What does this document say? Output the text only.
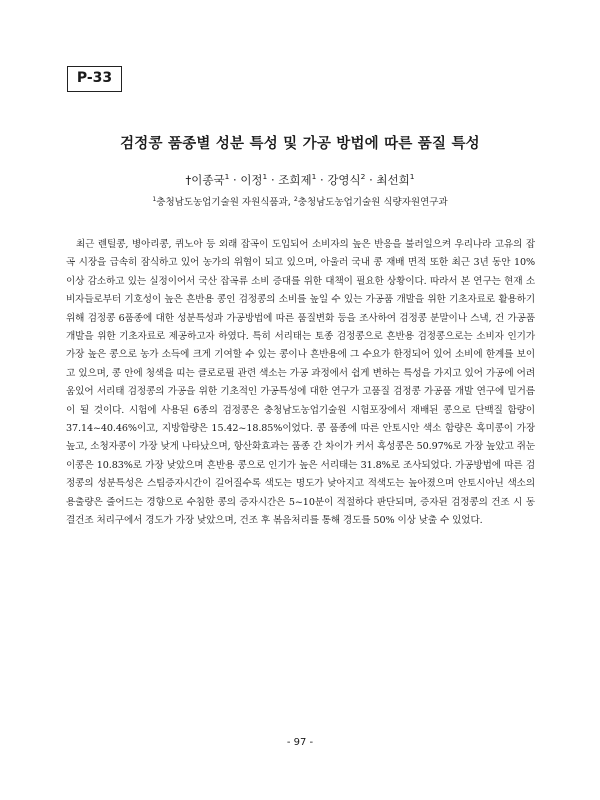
P-33
검정콩 품종별 성분 특성 및 가공 방법에 따른 품질 특성
†이종국$^1$ · 이정$^1$ · 조희제$^1$ · 강영식$^2$ · 최선희$^1$
$^1$충청남도농업기술원 자원식품과, $^2$충청남도농업기술원 식량자원연구과
최근 렌틸콩, 병아리콩, 퀴노아 등 외래 잡곡이 도입되어 소비자의 높은 반응을 불러일으켜 우리나라 고유의 잡곡 시장을 급속히 잠식하고 있어 농가의 위협이 되고 있으며, 아울러 국내 콩 재배 면적 또한 최근 3년 동안 10% 이상 감소하고 있는 실정이어서 국산 잡곡류 소비 증대를 위한 대책이 필요한 상황이다. 따라서 본 연구는 현재 소비자들로부터 기호성이 높은 흔반용 콩인 검정콩의 소비를 높일 수 있는 가공품 개발을 위한 기초자료로 활용하기 위해 검정콩 6품종에 대한 성분특성과 가공방법에 따른 품질변화 등을 조사하여 검정콩 분말이나 스낵, 건 가공품 개발을 위한 기초자료로 제공하고자 하였다. 특히 서리태는 토종 검정콩으로 흔반용 검정콩으로는 소비자 인기가 가장 높은 콩으로 농가 소득에 크게 기여할 수 있는 콩이나 흔반용에 그 수요가 한정되어 있어 소비에 한계를 보이고 있으며, 콩 안에 청색을 띠는 클로로필 관련 색소는 가공 과정에서 쉽게 변하는 특성을 가지고 있어 가공에 어려움있어 서리태 검정콩의 가공을 위한 기초적인 가공특성에 대한 연구가 고품질 검정콩 가공품 개발 연구에 밑거름이 될 것이다. 시험에 사용된 6종의 검정콩은 충청남도농업기술원 시험포장에서 재배된 콩으로 단백질 함량이 37.14~40.46%이고, 지방함량은 15.42~18.85%이었다. 콩 품종에 따른 안토시안 색소 함량은 흑미콩이 가장 높고, 소청자콩이 가장 낮게 나타났으며, 항산화효과는 품종 간 차이가 커서 흑성콩은 50.97%로 가장 높았고 쥐눈이콩은 10.83%로 가장 낮았으며 흔반용 콩으로 인기가 높은 서리태는 31.8%로 조사되었다. 가공방법에 따른 검정콩의 성분특성은 스팀증자시간이 길어질수록 색도는 명도가 낮아지고 적색도는 높아졌으며 안토시아닌 색소의 용출량은 줄어드는 경향으로 수침한 콩의 증자시간은 5~10분이 적절하다 판단되며, 증자된 검정콩의 건조 시 동결건조 처리구에서 경도가 가장 낮았으며, 건조 후 볶음처리를 통해 경도를 50% 이상 낮출 수 있었다.
- 97 -
